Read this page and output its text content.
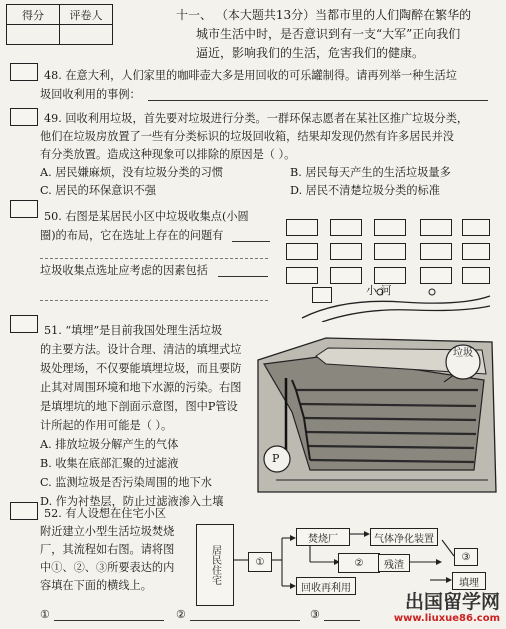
得分	评卷人
		十一、 （本大题共13分）当都市里的人们陶醉在繁华的
城市生活中时，是否意识到有一支“大军”正向我们
逼近，影响我们的生活，危害我们的健康。
48. 在意大利，人们家里的咖啡壶大多是用回收的可乐罐制得。请再列举一种生活垃
圾回收利用的事例：
49. 回收利用垃圾，首先要对垃圾进行分类。一群环保志愿者在某社区推广垃圾分类，
他们在垃圾房放置了一些有分类标识的垃圾回收箱，结果却发现仍然有许多居民并没
有分类放置。造成这种现象可以排除的原因是（ ）。
A. 居民嫌麻烦，没有垃圾分类的习惯	B. 居民每天产生的生活垃圾量多
C. 居民的环保意识不强	D. 居民不清楚垃圾分类的标准
50. 右图是某居民小区中垃圾收集点(小圆
圈)的布局，它在选址上存在的问题有
垃圾收集点选址应考虑的因素包括
小 河
51. “填埋”是目前我国处理生活垃圾
的主要方法。设计合理、清洁的填埋式垃
圾处理场，不仅要能填埋垃圾，而且要防
止其对周围环境和地下水源的污染。右图
是填埋坑的地下剖面示意图，图中P管设
计所起的作用可能是（ ）。
A. 排放垃圾分解产生的气体
B. 收集在底部汇聚的过滤液
C. 监测垃圾是否污染周围的地下水
D. 作为衬垫层，防止过滤液渗入土壤
垃圾
P
52. 有人设想在住宅小区
附近建立小型生活垃圾焚烧
厂，其流程如右图。请将图
中①、②、③所要表达的内
容填在下面的横线上。
居民住宅	①
焚烧厂
回收再利用
气体净化装置
②	残渣
③
填埋
①	②	③
出国留学网
www.liuxue86.com
